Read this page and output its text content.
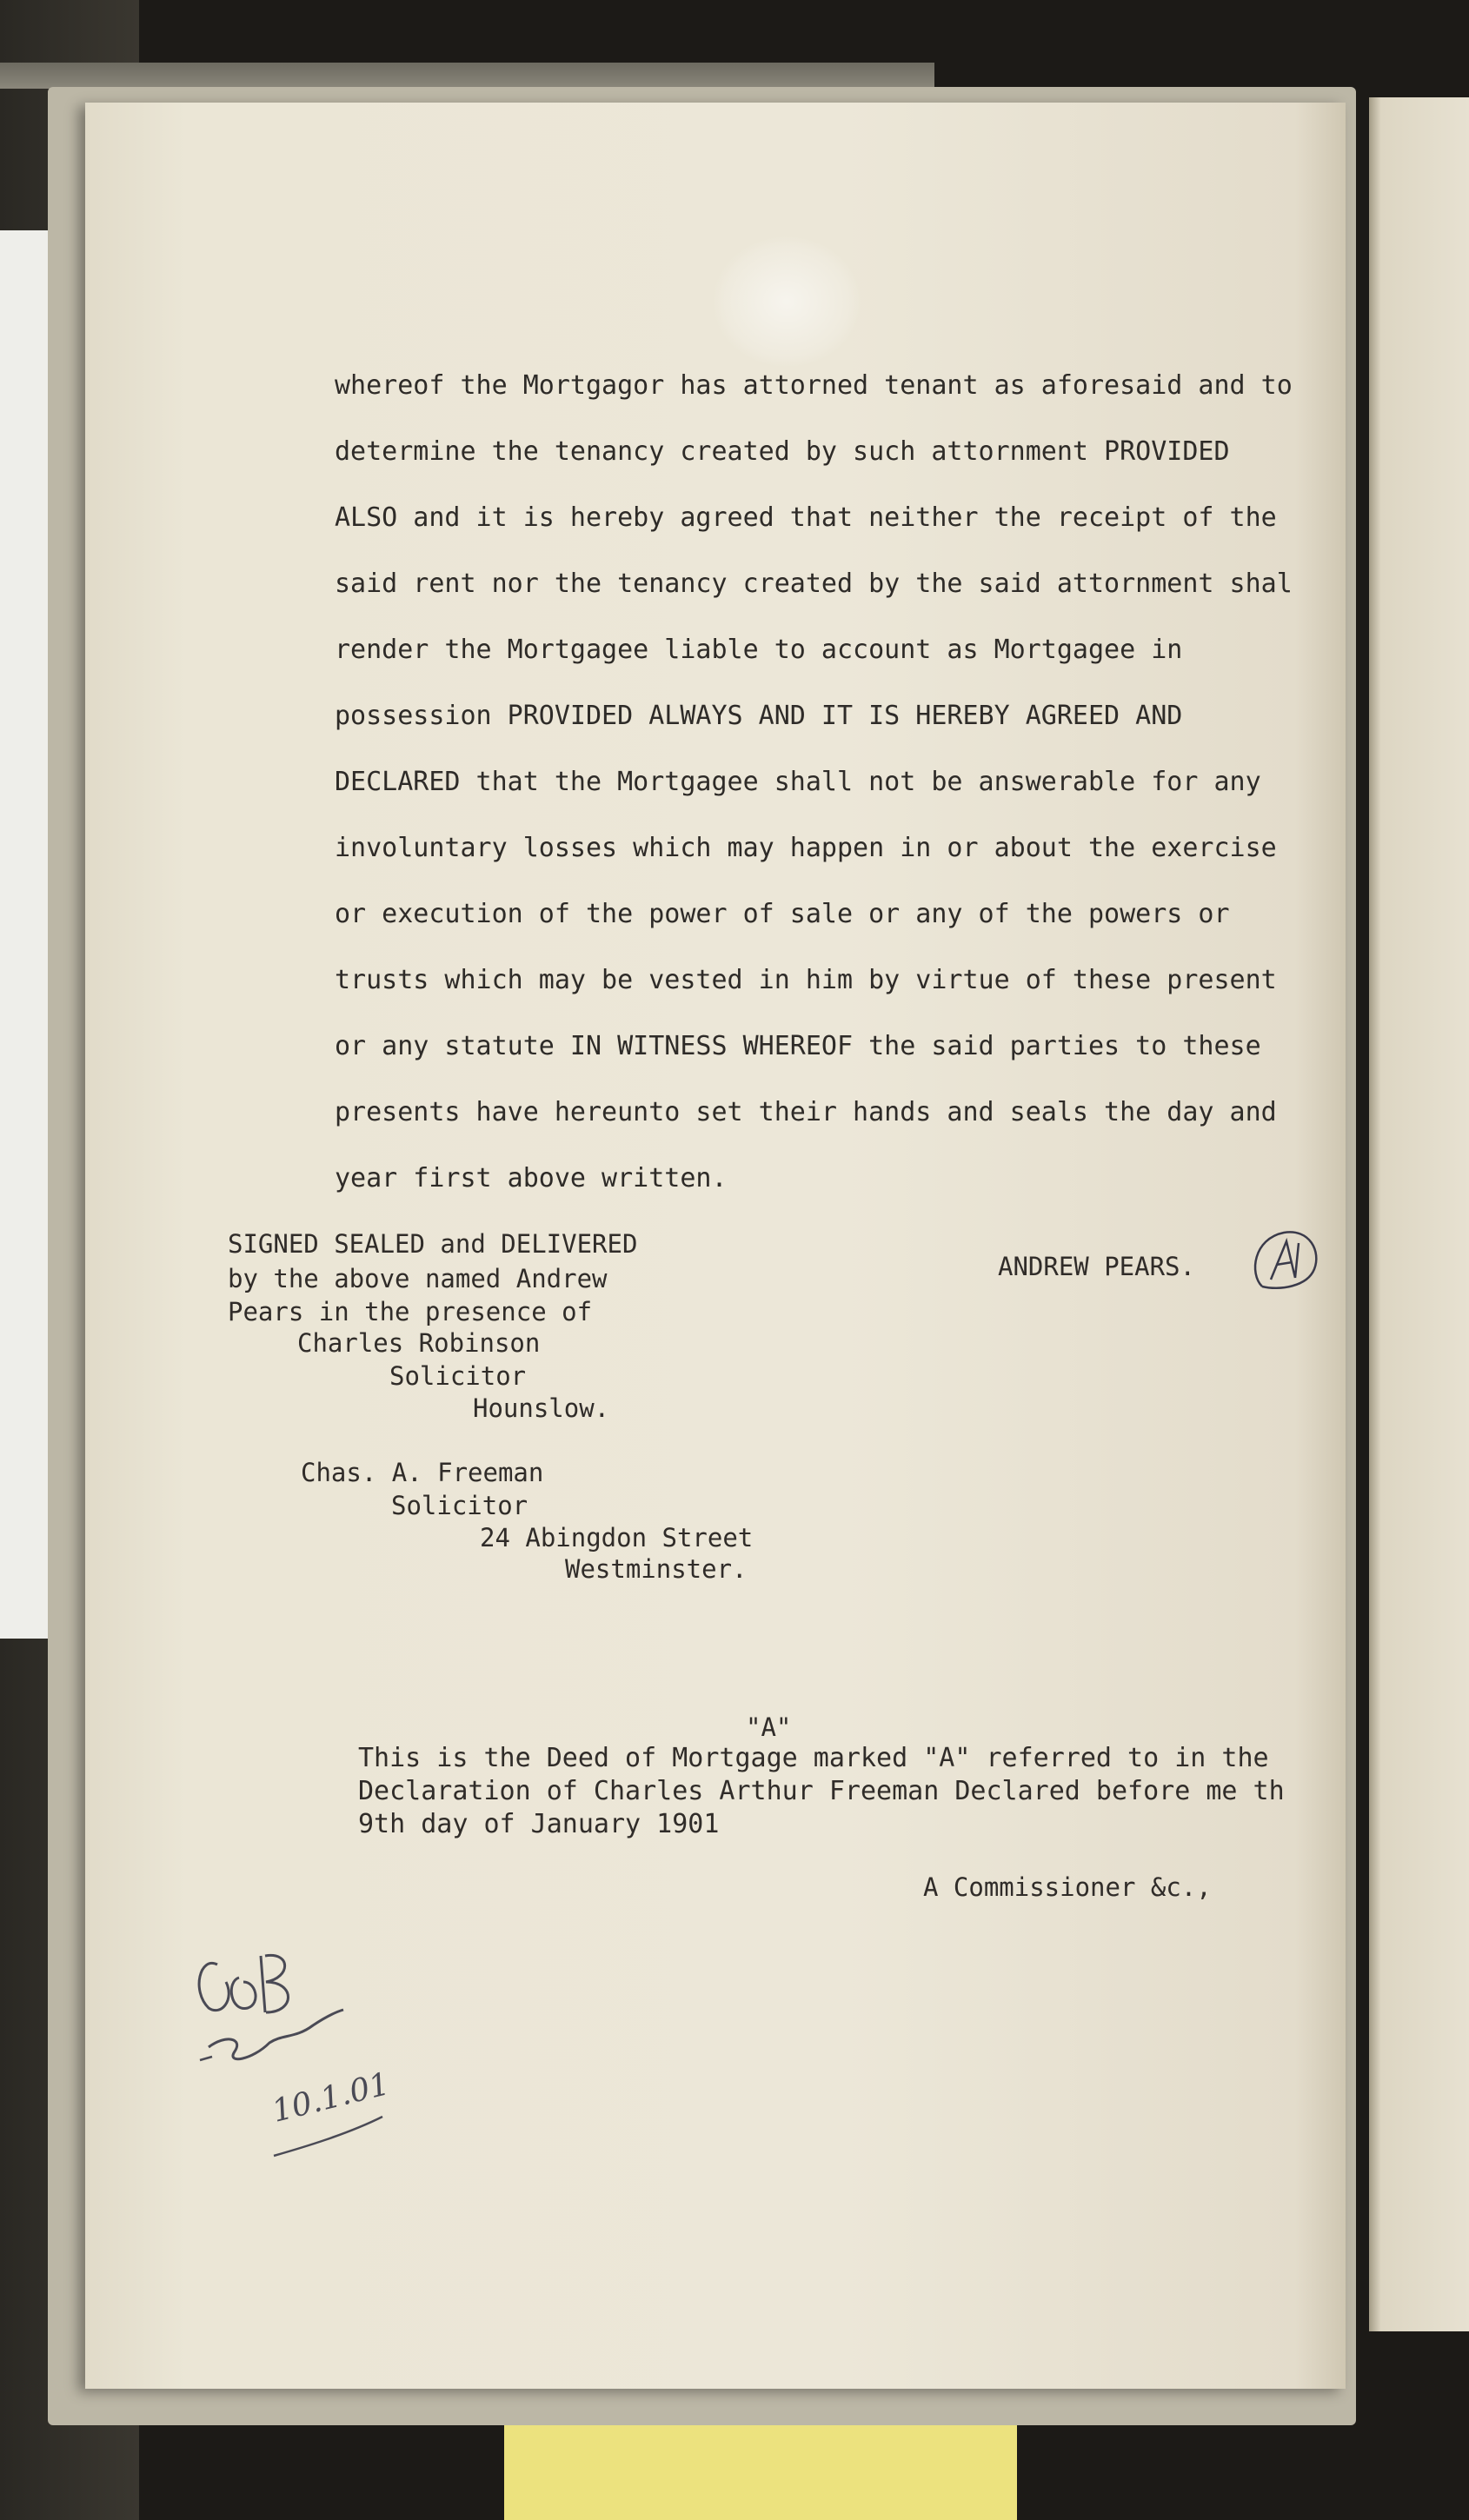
whereof the Mortgagor has attorned tenant as aforesaid and to
determine the tenancy created by such attornment PROVIDED
ALSO and it is hereby agreed that neither the receipt of the
said rent nor the tenancy created by the said attornment shal
render the Mortgagee liable to account as Mortgagee in
possession PROVIDED ALWAYS AND IT IS HEREBY AGREED AND
DECLARED that the Mortgagee shall not be answerable for any
involuntary losses which may happen in or about the exercise
or execution of the power of sale or any of the powers or
trusts which may be vested in him by virtue of these present
or any statute IN WITNESS WHEREOF the said parties to these
presents have hereunto set their hands and seals the day and
year first above written.
SIGNED SEALED and DELIVERED
by the above named Andrew
Pears in the presence of
Charles Robinson
Solicitor
Hounslow.
Chas. A. Freeman
Solicitor
24 Abingdon Street
Westminster.
ANDREW PEARS.
"A"
This is the Deed of Mortgage marked "A" referred to in the
Declaration of Charles Arthur Freeman Declared before me th
9th day of January 1901
A Commissioner &c.,
10.1.01
